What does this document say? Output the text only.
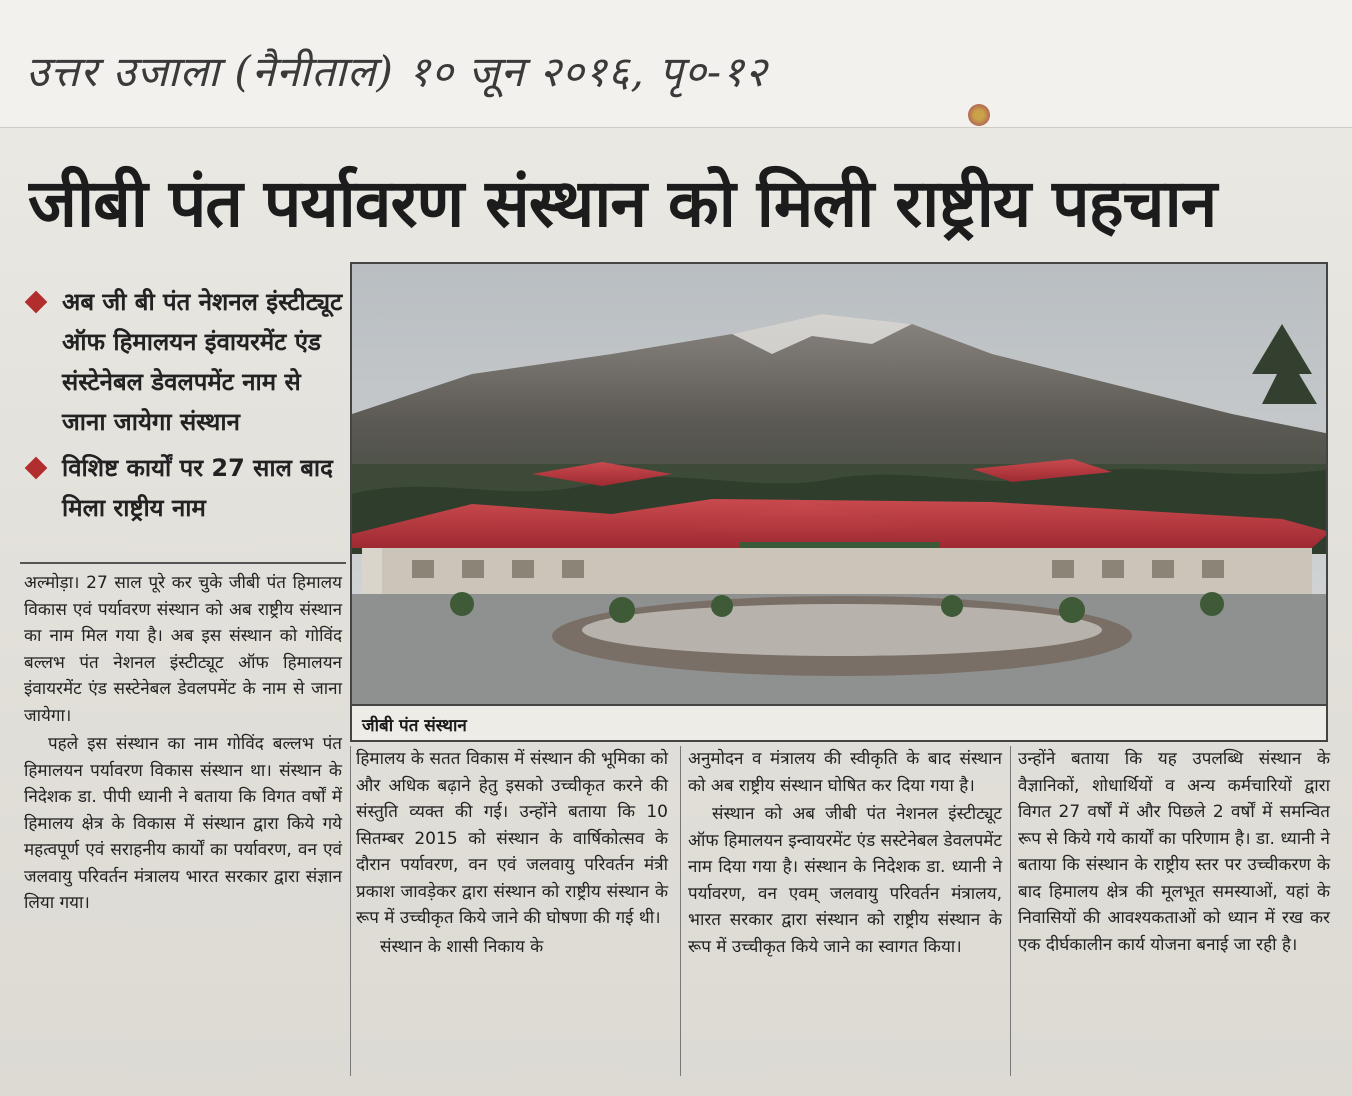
उत्तर उजाला (नैनीताल) १० जून २०१६, पृ०-१२
जीबी पंत पर्यावरण संस्थान को मिली राष्ट्रीय पहचान
अब जी बी पंत नेशनल इंस्टीट्यूट ऑफ हिमालयन इंवायरमेंट एंड संस्टेनेबल डेवलपमेंट नाम से जाना जायेगा संस्थान
विशिष्ट कार्यों पर 27 साल बाद मिला राष्ट्रीय नाम
जीबी पंत संस्थान

अल्मोड़ा। 27 साल पूरे कर चुके जीबी पंत हिमालय विकास एवं पर्यावरण संस्थान को अब राष्ट्रीय संस्थान का नाम मिल गया है। अब इस संस्थान को गोविंद बल्लभ पंत नेशनल इंस्टीट्यूट ऑफ हिमालयन इंवायरमेंट एंड सस्टेनेबल डेवलपमेंट के नाम से जाना जायेगा।

पहले इस संस्थान का नाम गोविंद बल्लभ पंत हिमालयन पर्यावरण विकास संस्थान था। संस्थान के निदेशक डा. पीपी ध्यानी ने बताया कि विगत वर्षों में हिमालय क्षेत्र के विकास में संस्थान द्वारा किये गये महत्वपूर्ण एवं सराहनीय कार्यों का पर्यावरण, वन एवं जलवायु परिवर्तन मंत्रालय भारत सरकार द्वारा संज्ञान लिया गया।

हिमालय के सतत विकास में संस्थान की भूमिका को और अधिक बढ़ाने हेतु इसको उच्चीकृत करने की संस्तुति व्यक्त की गई। उन्होंने बताया कि 10 सितम्बर 2015 को संस्थान के वार्षिकोत्सव के दौरान पर्यावरण, वन एवं जलवायु परिवर्तन मंत्री प्रकाश जावड़ेकर द्वारा संस्थान को राष्ट्रीय संस्थान के रूप में उच्चीकृत किये जाने की घोषणा की गई थी।

संस्थान के शासी निकाय के

अनुमोदन व मंत्रालय की स्वीकृति के बाद संस्थान को अब राष्ट्रीय संस्थान घोषित कर दिया गया है।

संस्थान को अब जीबी पंत नेशनल इंस्टीट्यूट ऑफ हिमालयन इन्वायरमेंट एंड सस्टेनेबल डेवलपमेंट नाम दिया गया है। संस्थान के निदेशक डा. ध्यानी ने पर्यावरण, वन एवम् जलवायु परिवर्तन मंत्रालय, भारत सरकार द्वारा संस्थान को राष्ट्रीय संस्थान के रूप में उच्चीकृत किये जाने का स्वागत किया।

उन्होंने बताया कि यह उपलब्धि संस्थान के वैज्ञानिकों, शोधार्थियों व अन्य कर्मचारियों द्वारा विगत 27 वर्षों में और पिछले 2 वर्षों में समन्वित रूप से किये गये कार्यों का परिणाम है। डा. ध्यानी ने बताया कि संस्थान के राष्ट्रीय स्तर पर उच्चीकरण के बाद हिमालय क्षेत्र की मूलभूत समस्याओं, यहां के निवासियों की आवश्यकताओं को ध्यान में रख कर एक दीर्घकालीन कार्य योजना बनाई जा रही है।
